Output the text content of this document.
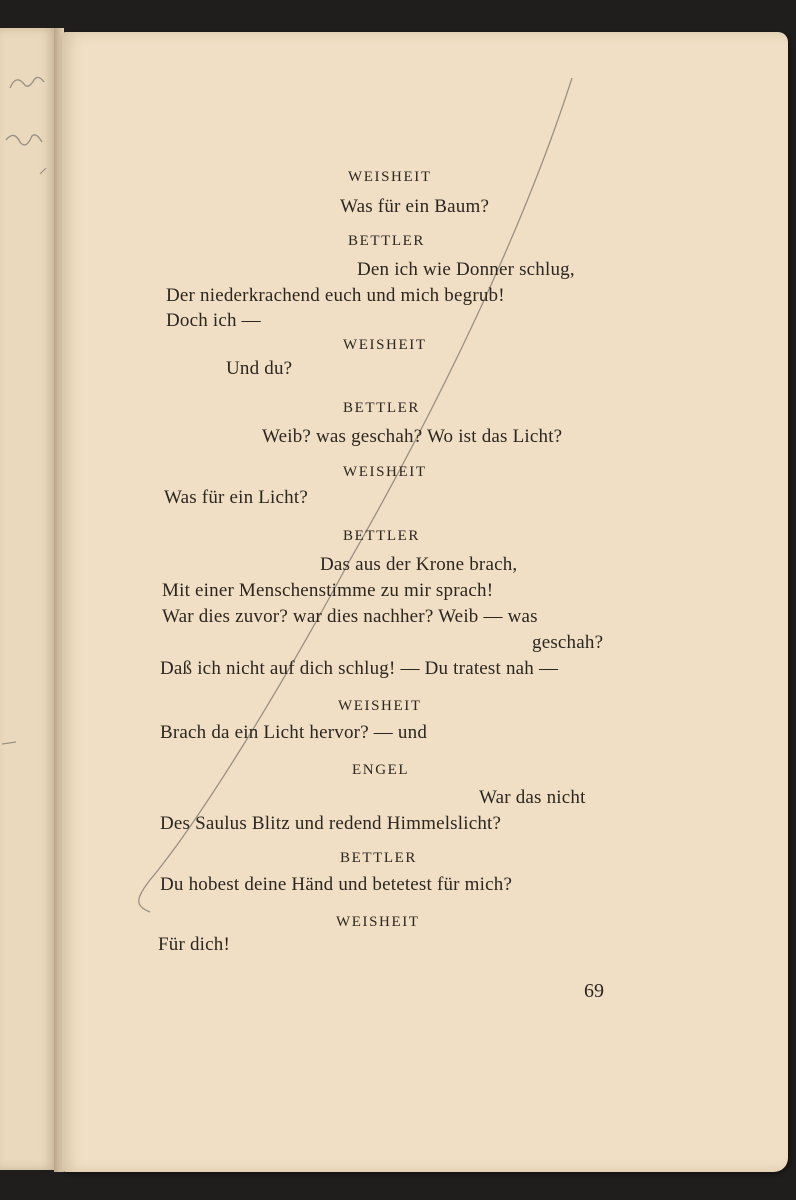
WEISHEIT
Was für ein Baum?
BETTLER
Den ich wie Donner schlug,
Der niederkrachend euch und mich begrub!
Doch ich —
WEISHEIT
Und du?
BETTLER
Weib? was geschah? Wo ist das Licht?
WEISHEIT
Was für ein Licht?
BETTLER
Das aus der Krone brach,
Mit einer Menschenstimme zu mir sprach!
War dies zuvor? war dies nachher? Weib — was
geschah?
Daß ich nicht auf dich schlug! — Du tratest nah —
WEISHEIT
Brach da ein Licht hervor? — und
ENGEL
War das nicht
Des Saulus Blitz und redend Himmelslicht?
BETTLER
Du hobest deine Händ und betetest für mich?
WEISHEIT
Für dich!
69
